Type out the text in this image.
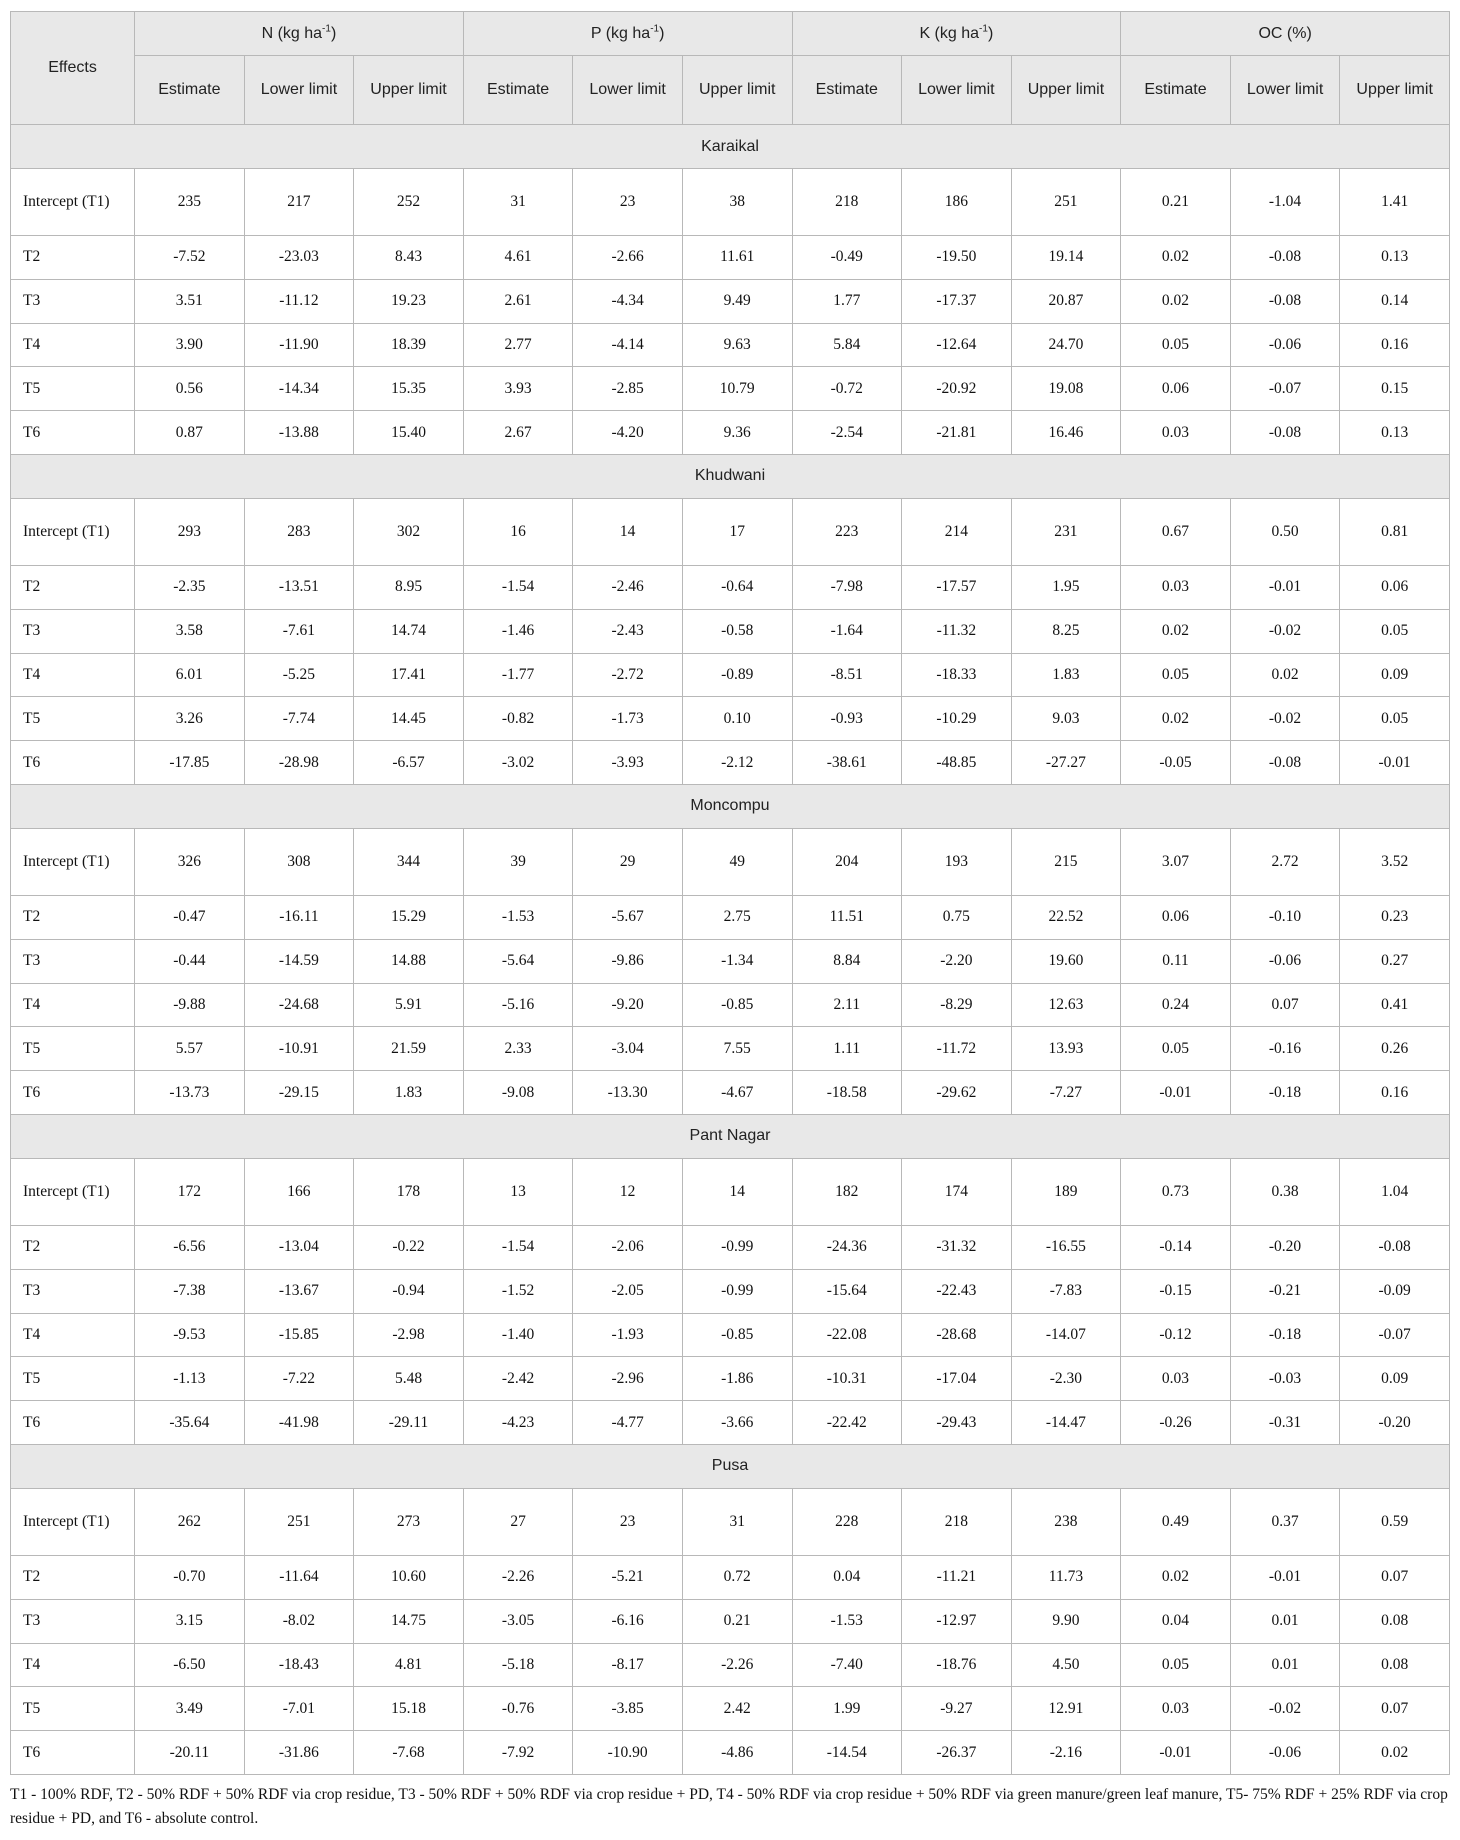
Effects	N (kg $ha^{-1}$)			P (kg $ha^{-1}$)			K (kg $ha^{-1}$)			OC (%)		
	Estimate	Lower limit	Upper limit	Estimate	Lower limit	Upper limit	Estimate	Lower limit	Upper limit	Estimate	Lower limit	Upper limit
Karaikal												
Intercept (T1)	235	217	252	31	23	38	218	186	251	0.21	-1.04	1.41
T2	-7.52	-23.03	8.43	4.61	-2.66	11.61	-0.49	-19.50	19.14	0.02	-0.08	0.13
T3	3.51	-11.12	19.23	2.61	-4.34	9.49	1.77	-17.37	20.87	0.02	-0.08	0.14
T4	3.90	-11.90	18.39	2.77	-4.14	9.63	5.84	-12.64	24.70	0.05	-0.06	0.16
T5	0.56	-14.34	15.35	3.93	-2.85	10.79	-0.72	-20.92	19.08	0.06	-0.07	0.15
T6	0.87	-13.88	15.40	2.67	-4.20	9.36	-2.54	-21.81	16.46	0.03	-0.08	0.13
Khudwani												
Intercept (T1)	293	283	302	16	14	17	223	214	231	0.67	0.50	0.81
T2	-2.35	-13.51	8.95	-1.54	-2.46	-0.64	-7.98	-17.57	1.95	0.03	-0.01	0.06
T3	3.58	-7.61	14.74	-1.46	-2.43	-0.58	-1.64	-11.32	8.25	0.02	-0.02	0.05
T4	6.01	-5.25	17.41	-1.77	-2.72	-0.89	-8.51	-18.33	1.83	0.05	0.02	0.09
T5	3.26	-7.74	14.45	-0.82	-1.73	0.10	-0.93	-10.29	9.03	0.02	-0.02	0.05
T6	-17.85	-28.98	-6.57	-3.02	-3.93	-2.12	-38.61	-48.85	-27.27	-0.05	-0.08	-0.01
Moncompu												
Intercept (T1)	326	308	344	39	29	49	204	193	215	3.07	2.72	3.52
T2	-0.47	-16.11	15.29	-1.53	-5.67	2.75	11.51	0.75	22.52	0.06	-0.10	0.23
T3	-0.44	-14.59	14.88	-5.64	-9.86	-1.34	8.84	-2.20	19.60	0.11	-0.06	0.27
T4	-9.88	-24.68	5.91	-5.16	-9.20	-0.85	2.11	-8.29	12.63	0.24	0.07	0.41
T5	5.57	-10.91	21.59	2.33	-3.04	7.55	1.11	-11.72	13.93	0.05	-0.16	0.26
T6	-13.73	-29.15	1.83	-9.08	-13.30	-4.67	-18.58	-29.62	-7.27	-0.01	-0.18	0.16
Pant Nagar												
Intercept (T1)	172	166	178	13	12	14	182	174	189	0.73	0.38	1.04
T2	-6.56	-13.04	-0.22	-1.54	-2.06	-0.99	-24.36	-31.32	-16.55	-0.14	-0.20	-0.08
T3	-7.38	-13.67	-0.94	-1.52	-2.05	-0.99	-15.64	-22.43	-7.83	-0.15	-0.21	-0.09
T4	-9.53	-15.85	-2.98	-1.40	-1.93	-0.85	-22.08	-28.68	-14.07	-0.12	-0.18	-0.07
T5	-1.13	-7.22	5.48	-2.42	-2.96	-1.86	-10.31	-17.04	-2.30	0.03	-0.03	0.09
T6	-35.64	-41.98	-29.11	-4.23	-4.77	-3.66	-22.42	-29.43	-14.47	-0.26	-0.31	-0.20
Pusa												
Intercept (T1)	262	251	273	27	23	31	228	218	238	0.49	0.37	0.59
T2	-0.70	-11.64	10.60	-2.26	-5.21	0.72	0.04	-11.21	11.73	0.02	-0.01	0.07
T3	3.15	-8.02	14.75	-3.05	-6.16	0.21	-1.53	-12.97	9.90	0.04	0.01	0.08
T4	-6.50	-18.43	4.81	-5.18	-8.17	-2.26	-7.40	-18.76	4.50	0.05	0.01	0.08
T5	3.49	-7.01	15.18	-0.76	-3.85	2.42	1.99	-9.27	12.91	0.03	-0.02	0.07
T6	-20.11	-31.86	-7.68	-7.92	-10.90	-4.86	-14.54	-26.37	-2.16	-0.01	-0.06	0.02
T1 - 100% RDF, T2 - 50% RDF + 50% RDF via crop residue, T3 - 50% RDF + 50% RDF via crop residue + PD, T4 - 50% RDF via crop residue + 50% RDF via green manure/green leaf manure, T5- 75% RDF + 25% RDF via crop residue + PD, and T6 - absolute control.
